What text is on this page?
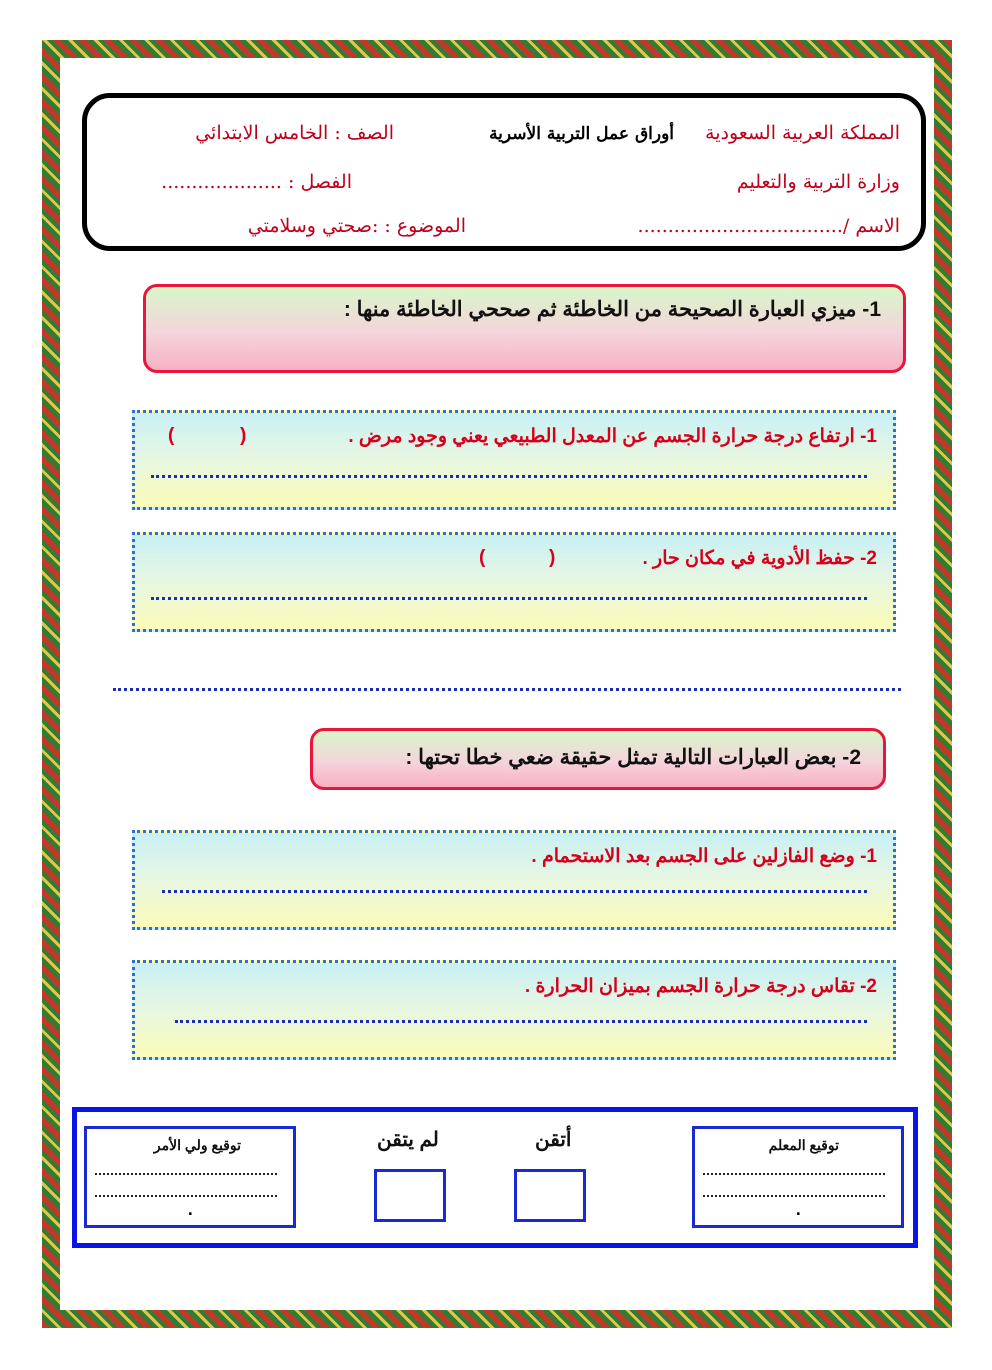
المملكة العربية السعودية
أوراق عمل التربية الأسرية
الصف : الخامس الابتدائي
وزارة التربية والتعليم
الفصل : ....................
الاسم /..................................
الموضوع : :صحتي وسلامتي
1- ميزي العبارة الصحيحة من الخاطئة ثم صححي الخاطئة منها :
1- ارتفاع درجة حرارة الجسم عن المعدل الطبيعي يعني وجود مرض .
(
)
2- حفظ الأدوية في مكان حار .
(
)
2- بعض العبارات التالية تمثل حقيقة ضعي خطا تحتها :
1- وضع الفازلين على الجسم بعد الاستحمام .
2- تقاس درجة حرارة الجسم بميزان الحرارة .
توقيع المعلم
.
أتقن
لم يتقن
توقيع ولي الأمر
.
